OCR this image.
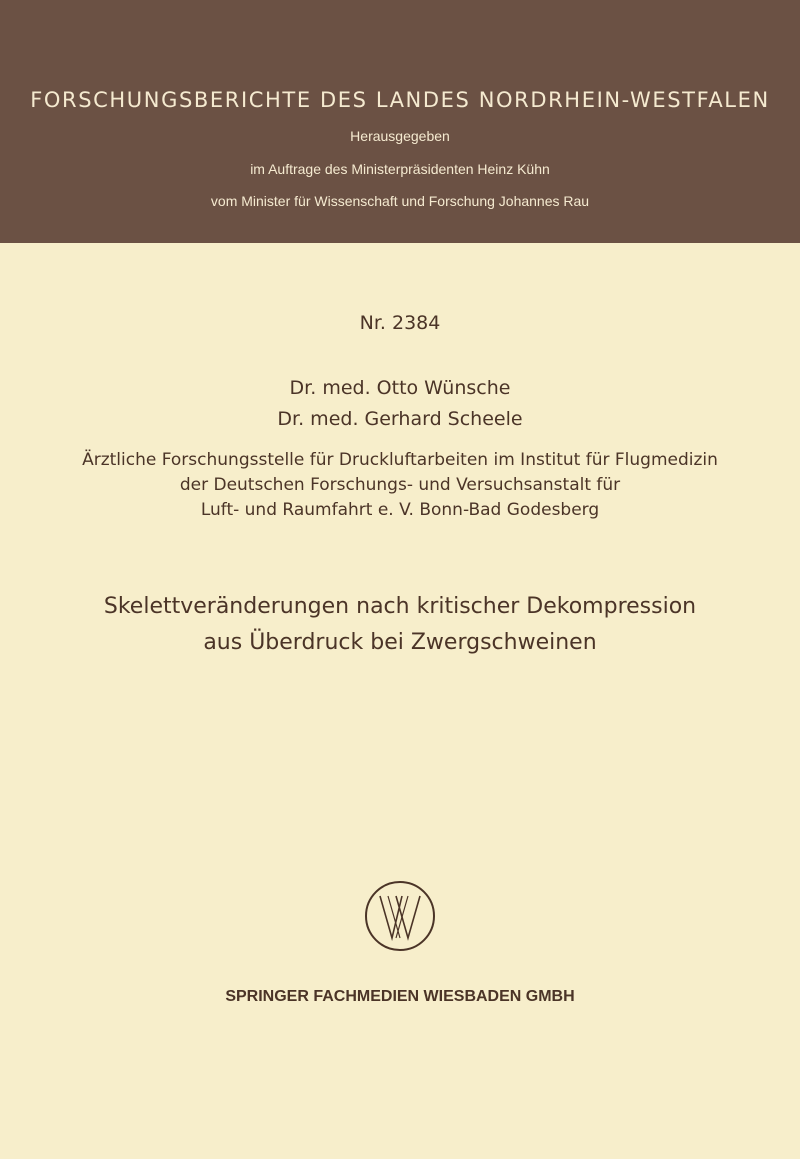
FORSCHUNGSBERICHTE DES LANDES NORDRHEIN-WESTFALEN
Herausgegeben
im Auftrage des Ministerpräsidenten Heinz Kühn
vom Minister für Wissenschaft und Forschung Johannes Rau
Nr. 2384
Dr. med. Otto Wünsche
Dr. med. Gerhard Scheele
Ärztliche Forschungsstelle für Druckluftarbeiten im Institut für Flugmedizin
der Deutschen Forschungs- und Versuchsanstalt für
Luft- und Raumfahrt e. V. Bonn-Bad Godesberg
Skelettveränderungen nach kritischer Dekompression
aus Überdruck bei Zwergschweinen
SPRINGER FACHMEDIEN WIESBADEN GMBH
